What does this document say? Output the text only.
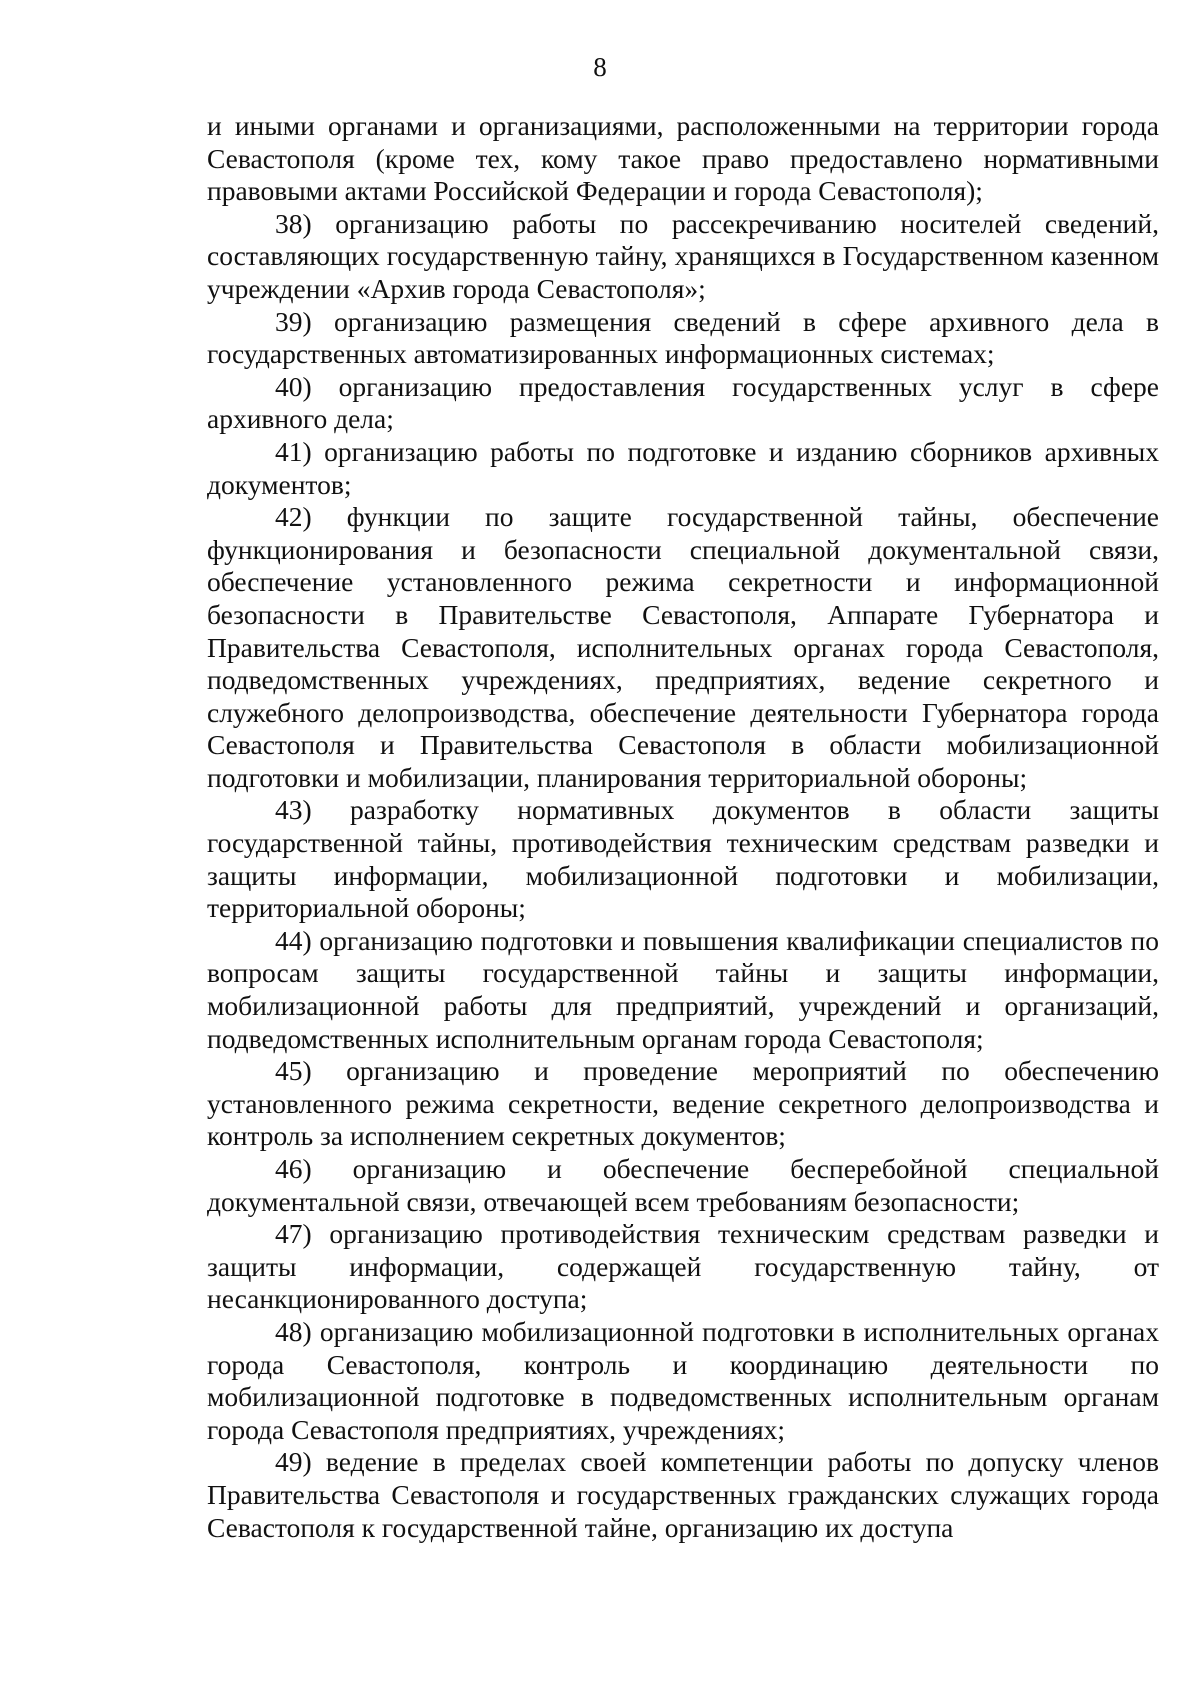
8

и иными органами и организациями, расположенными на территории города Севастополя (кроме тех, кому такое право предоставлено нормативными правовыми актами Российской Федерации и города Севастополя);

38) организацию работы по рассекречиванию носителей сведений, составляющих государственную тайну, хранящихся в Государственном казенном учреждении «Архив города Севастополя»;

39) организацию размещения сведений в сфере архивного дела в государственных автоматизированных информационных системах;

40) организацию предоставления государственных услуг в сфере архивного дела;

41) организацию работы по подготовке и изданию сборников архивных документов;

42) функции по защите государственной тайны, обеспечение функционирования и безопасности специальной документальной связи, обеспечение установленного режима секретности и информационной безопасности в Правительстве Севастополя, Аппарате Губернатора и Правительства Севастополя, исполнительных органах города Севастополя, подведомственных учреждениях, предприятиях, ведение секретного и служебного делопроизводства, обеспечение деятельности Губернатора города Севастополя и Правительства Севастополя в области мобилизационной подготовки и мобилизации, планирования территориальной обороны;

43) разработку нормативных документов в области защиты государственной тайны, противодействия техническим средствам разведки и защиты информации, мобилизационной подготовки и мобилизации, территориальной обороны;

44) организацию подготовки и повышения квалификации специалистов по вопросам защиты государственной тайны и защиты информации, мобилизационной работы для предприятий, учреждений и организаций, подведомственных исполнительным органам города Севастополя;

45) организацию и проведение мероприятий по обеспечению установленного режима секретности, ведение секретного делопроизводства и контроль за исполнением секретных документов;

46) организацию и обеспечение бесперебойной специальной документальной связи, отвечающей всем требованиям безопасности;

47) организацию противодействия техническим средствам разведки и защиты информации, содержащей государственную тайну, от несанкционированного доступа;

48) организацию мобилизационной подготовки в исполнительных органах города Севастополя, контроль и координацию деятельности по мобилизационной подготовке в подведомственных исполнительным органам города Севастополя предприятиях, учреждениях;

49) ведение в пределах своей компетенции работы по допуску членов Правительства Севастополя и государственных гражданских служащих города Севастополя к государственной тайне, организацию их доступа
